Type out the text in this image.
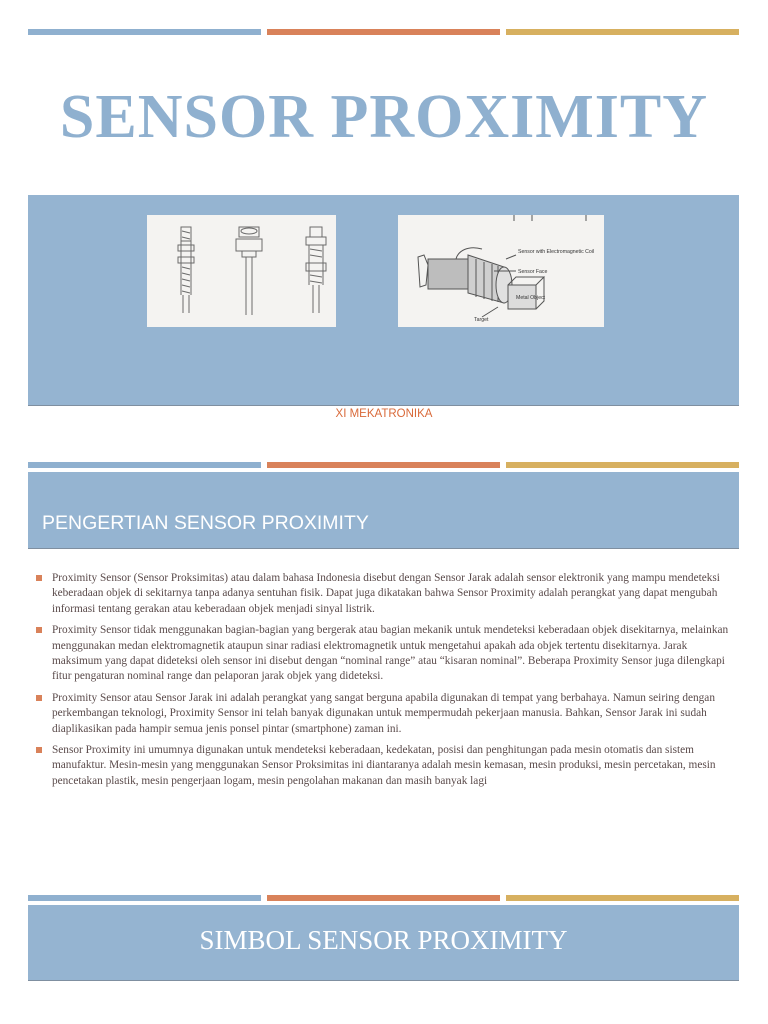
SENSOR PROXIMITY
Sensor with Electromagnetic Coil
Sensor Face
Metal Object
Target
XI MEKATRONIKA
PENGERTIAN SENSOR PROXIMITY
Proximity Sensor (Sensor Proksimitas) atau dalam bahasa Indonesia disebut dengan Sensor Jarak adalah sensor elektronik yang mampu mendeteksi keberadaan objek di sekitarnya tanpa adanya sentuhan fisik. Dapat juga dikatakan bahwa Sensor Proximity adalah perangkat yang dapat mengubah informasi tentang gerakan atau keberadaan objek menjadi sinyal listrik.
Proximity Sensor tidak menggunakan bagian-bagian yang bergerak atau bagian mekanik untuk mendeteksi keberadaan objek disekitarnya, melainkan menggunakan medan elektromagnetik ataupun sinar radiasi elektromagnetik untuk mengetahui apakah ada objek tertentu disekitarnya. Jarak maksimum yang dapat dideteksi oleh sensor ini disebut dengan “nominal range” atau “kisaran nominal”. Beberapa Proximity Sensor juga dilengkapi fitur pengaturan nominal range dan pelaporan jarak objek yang dideteksi.
Proximity Sensor atau Sensor Jarak ini adalah perangkat yang sangat berguna apabila digunakan di tempat yang berbahaya. Namun seiring dengan perkembangan teknologi, Proximity Sensor ini telah banyak digunakan untuk mempermudah pekerjaan manusia. Bahkan, Sensor Jarak ini sudah diaplikasikan pada hampir semua jenis ponsel pintar (smartphone) zaman ini.
Sensor Proximity ini umumnya digunakan untuk mendeteksi keberadaan, kedekatan, posisi dan penghitungan pada mesin otomatis dan sistem manufaktur. Mesin-mesin yang menggunakan Sensor Proksimitas ini diantaranya adalah mesin kemasan, mesin produksi, mesin percetakan, mesin pencetakan plastik, mesin pengerjaan logam, mesin pengolahan makanan dan masih banyak lagi
SIMBOL SENSOR PROXIMITY
